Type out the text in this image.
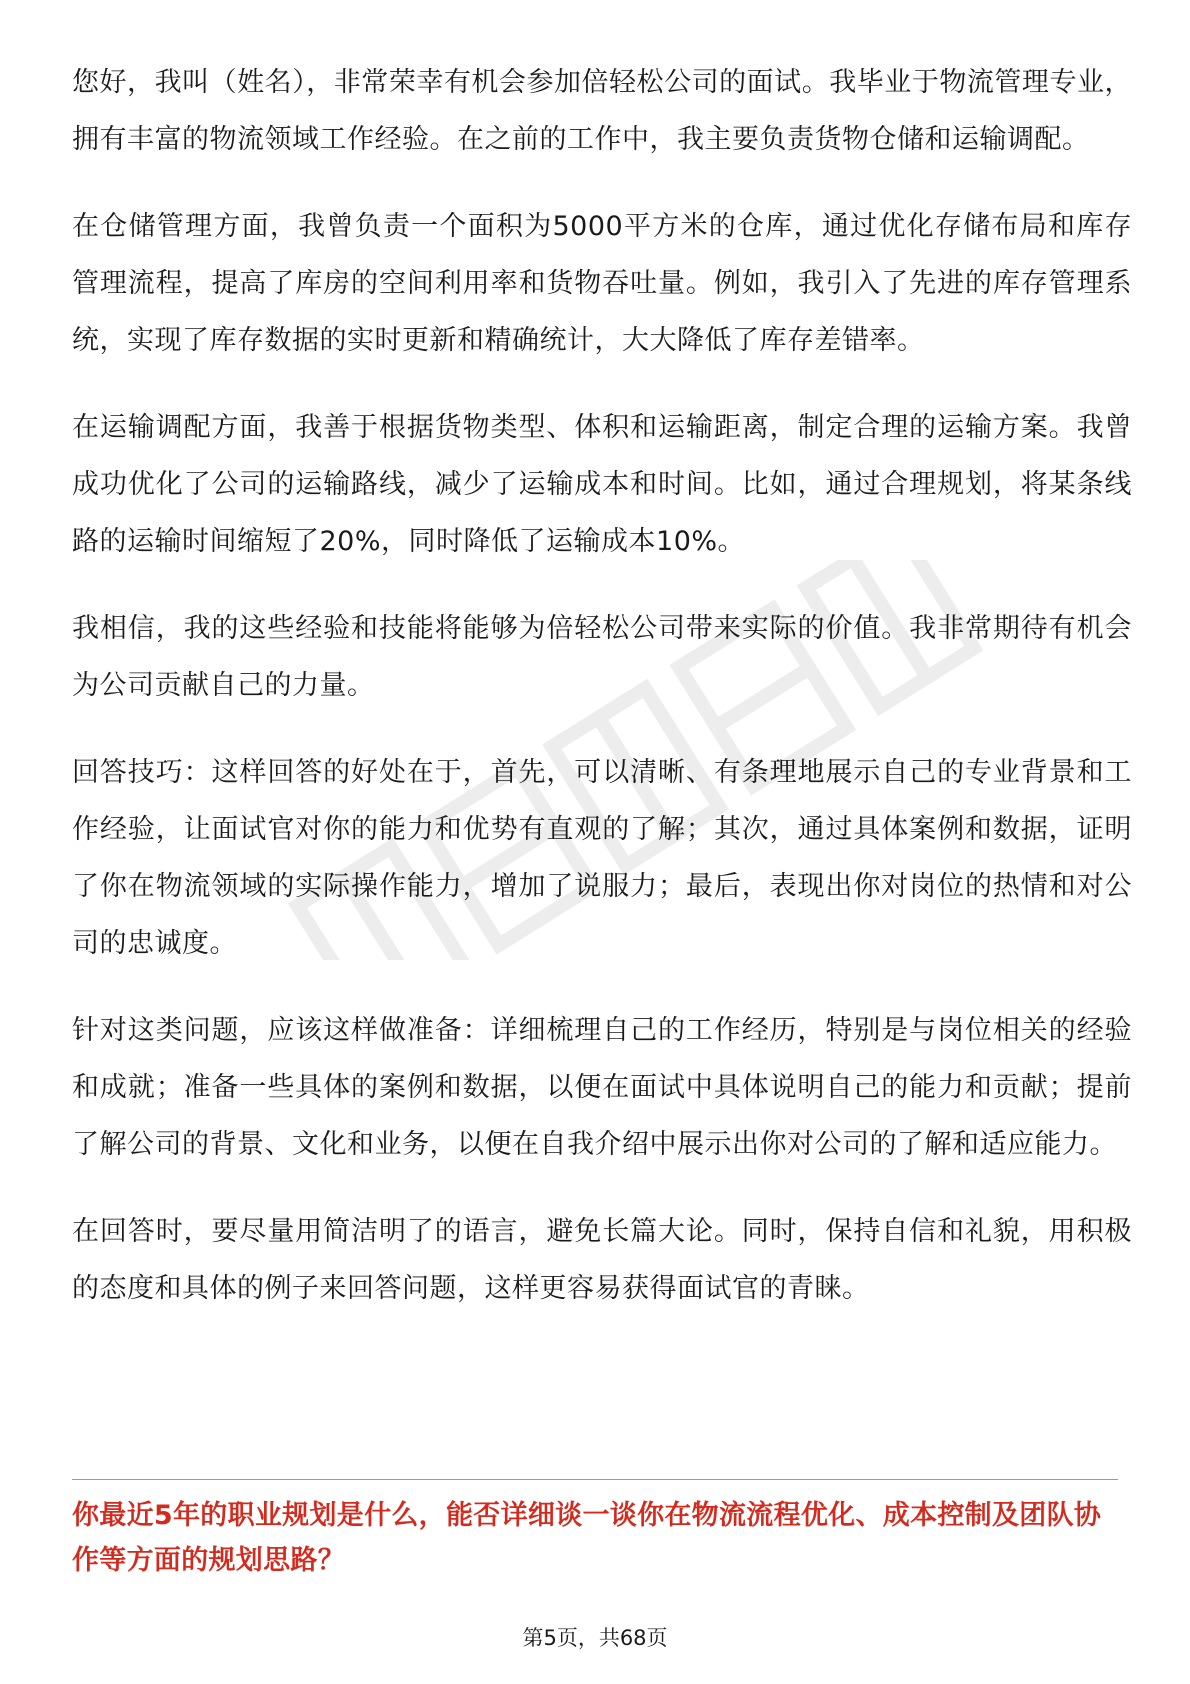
您好，我叫（姓名），非常荣幸有机会参加倍轻松公司的面试。我毕业于物流管理专业，拥有丰富的物流领域工作经验。在之前的工作中，我主要负责货物仓储和运输调配。

在仓储管理方面，我曾负责一个面积为5000平方米的仓库，通过优化存储布局和库存管理流程，提高了库房的空间利用率和货物吞吐量。例如，我引入了先进的库存管理系统，实现了库存数据的实时更新和精确统计，大大降低了库存差错率。

在运输调配方面，我善于根据货物类型、体积和运输距离，制定合理的运输方案。我曾成功优化了公司的运输路线，减少了运输成本和时间。比如，通过合理规划，将某条线路的运输时间缩短了20%，同时降低了运输成本10%。

我相信，我的这些经验和技能将能够为倍轻松公司带来实际的价值。我非常期待有机会为公司贡献自己的力量。

回答技巧：这样回答的好处在于，首先，可以清晰、有条理地展示自己的专业背景和工作经验，让面试官对你的能力和优势有直观的了解；其次，通过具体案例和数据，证明了你在物流领域的实际操作能力，增加了说服力；最后，表现出你对岗位的热情和对公司的忠诚度。

针对这类问题，应该这样做准备：详细梳理自己的工作经历，特别是与岗位相关的经验和成就；准备一些具体的案例和数据，以便在面试中具体说明自己的能力和贡献；提前了解公司的背景、文化和业务，以便在自我介绍中展示出你对公司的了解和适应能力。

在回答时，要尽量用简洁明了的语言，避免长篇大论。同时，保持自信和礼貌，用积极的态度和具体的例子来回答问题，这样更容易获得面试官的青睐。

你最近5年的职业规划是什么，能否详细谈一谈你在物流流程优化、成本控制及团队协作等方面的规划思路？

第5页，共68页
